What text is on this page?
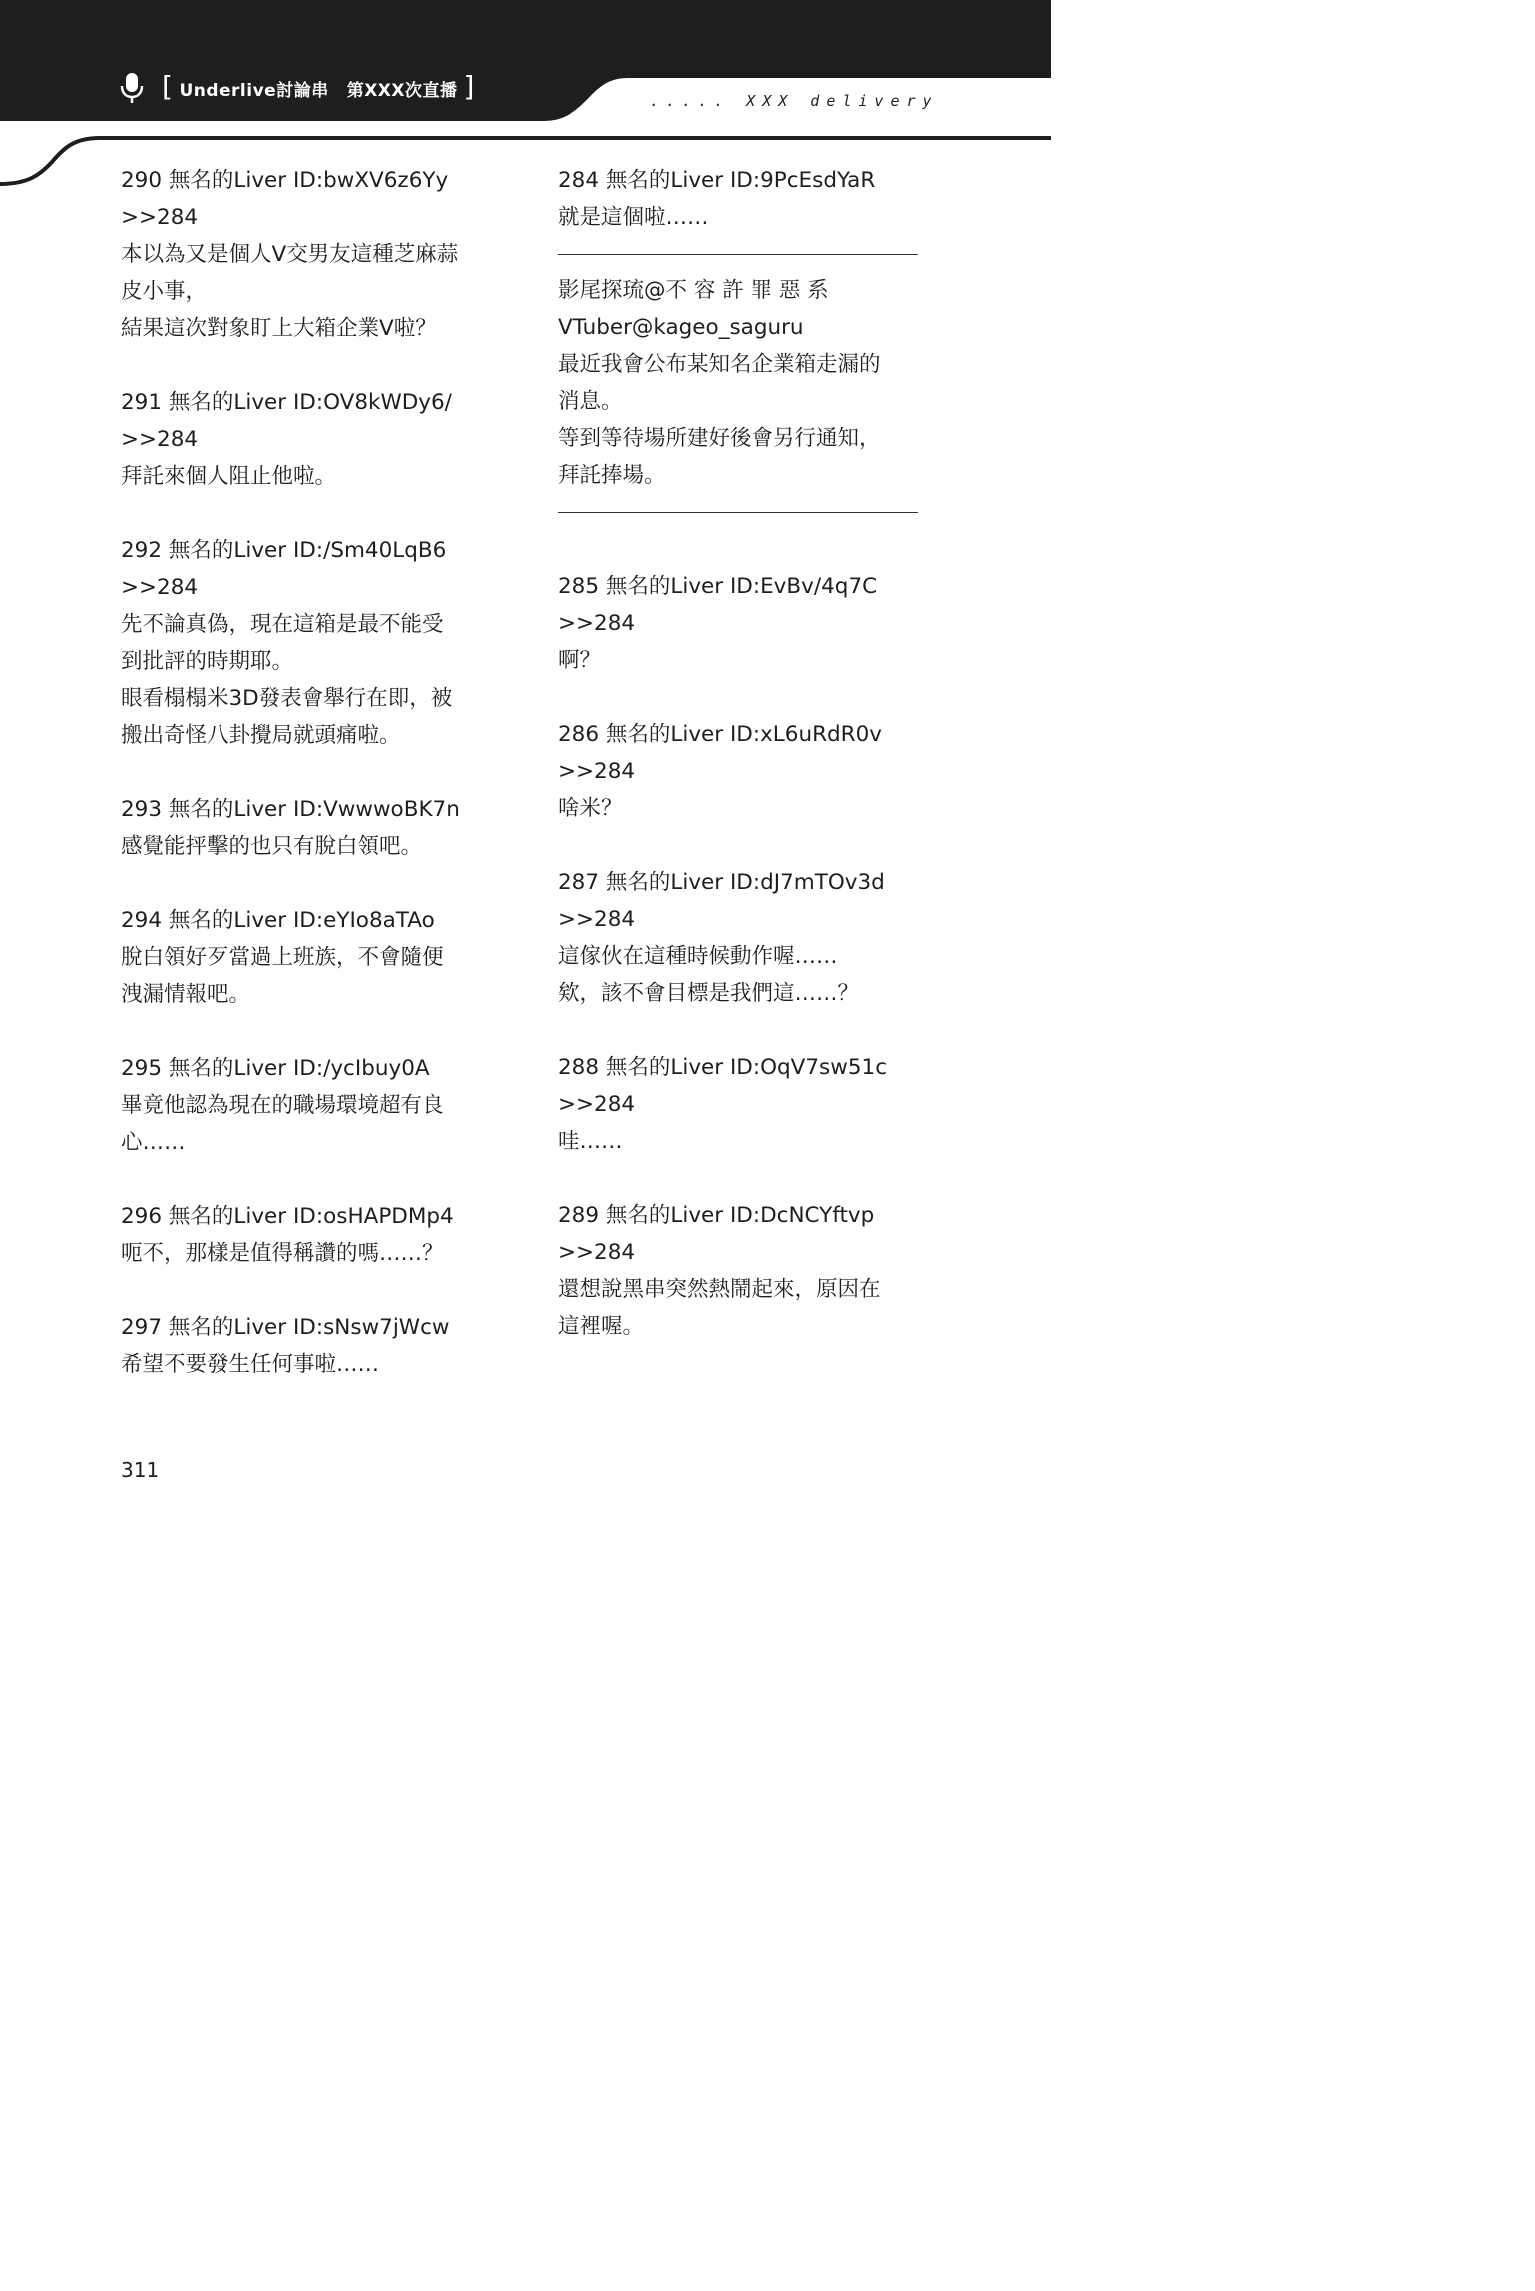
[ Underlive討論串 第XXX次直播 ]	..... XXX delivery
290 無名的Liver ID:bwXV6z6Yy
>>284
本以為又是個人V交男友這種芝麻蒜
皮小事，
結果這次對象盯上大箱企業V啦？
291 無名的Liver ID:OV8kWDy6/
>>284
拜託來個人阻止他啦。
292 無名的Liver ID:/Sm40LqB6
>>284
先不論真偽，現在這箱是最不能受
到批評的時期耶。
眼看榻榻米3D發表會舉行在即，被
搬出奇怪八卦攪局就頭痛啦。
293 無名的Liver ID:VwwwoBK7n
感覺能抨擊的也只有脫白領吧。
294 無名的Liver ID:eYIo8aTAo
脫白領好歹當過上班族，不會隨便
洩漏情報吧。
295 無名的Liver ID:/ycIbuy0A
畢竟他認為現在的職場環境超有良
心……
296 無名的Liver ID:osHAPDMp4
呃不，那樣是值得稱讚的嗎……？
297 無名的Liver ID:sNsw7jWcw
希望不要發生任何事啦……
284 無名的Liver ID:9PcEsdYaR
就是這個啦……
影尾探琉@不 容 許 罪 惡 系
VTuber@kageo_saguru
最近我會公布某知名企業箱走漏的
消息。
等到等待場所建好後會另行通知，
拜託捧場。
285 無名的Liver ID:EvBv/4q7C
>>284
啊？
286 無名的Liver ID:xL6uRdR0v
>>284
啥米？
287 無名的Liver ID:dJ7mTOv3d
>>284
這傢伙在這種時候動作喔……
欸，該不會目標是我們這……？
288 無名的Liver ID:OqV7sw51c
>>284
哇……
289 無名的Liver ID:DcNCYftvp
>>284
還想說黑串突然熱鬧起來，原因在
這裡喔。
311
